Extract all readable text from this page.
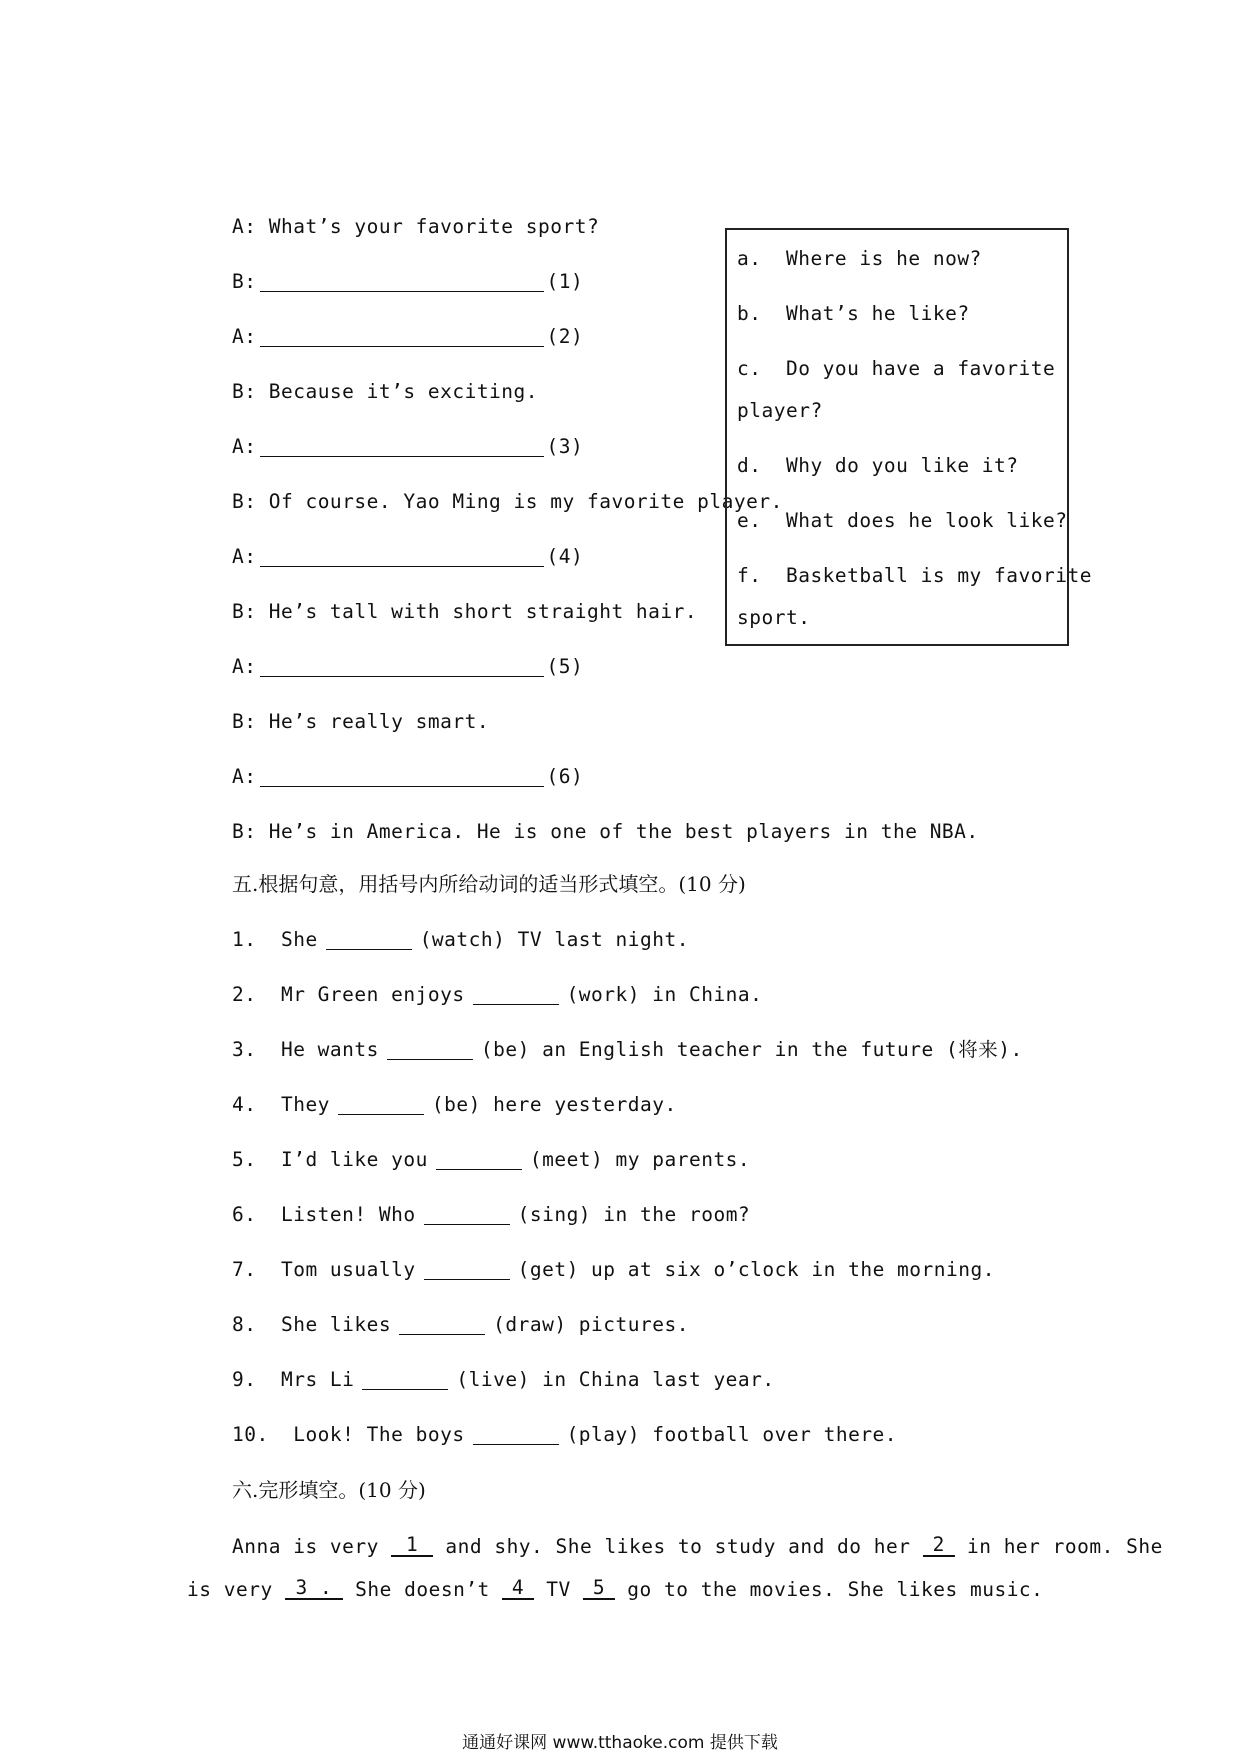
A: What’s your favorite sport?
B:	(1)
A:	(2)
B: Because it’s exciting.
A:	(3)
B: Of course. Yao Ming is my favorite player.
A:	(4)
B: He’s tall with short straight hair.
A:	(5)
B: He’s really smart.
A:	(6)
B: He’s in America. He is one of the best players in the NBA.
a.  Where is he now?
b.  What’s he like?
c.  Do you have a favorite
player?
d.  Why do you like it?
e.  What does he look like?
f.  Basketball is my favorite
sport.
五.根据句意，用括号内所给动词的适当形式填空。(10 分)
1.  She	(watch) TV last night.
2.  Mr Green enjoys	(work) in China.
3.  He wants	(be) an English teacher in the future (将来).
4.  They	(be) here yesterday.
5.  I’d like you	(meet) my parents.
6.  Listen! Who	(sing) in the room?
7.  Tom usually	(get) up at six o’clock in the morning.
8.  She likes	(draw) pictures.
9.  Mrs Li	(live) in China last year.
10.  Look! The boys	(play) football over there.
六.完形填空。(10 分)
Anna is very 1 and shy. She likes to study and do her 2 in her room. She
is very 3 . She doesn’t 4 TV 5 go to the movies. She likes music.
通通好课网 www.tthaoke.com 提供下载
